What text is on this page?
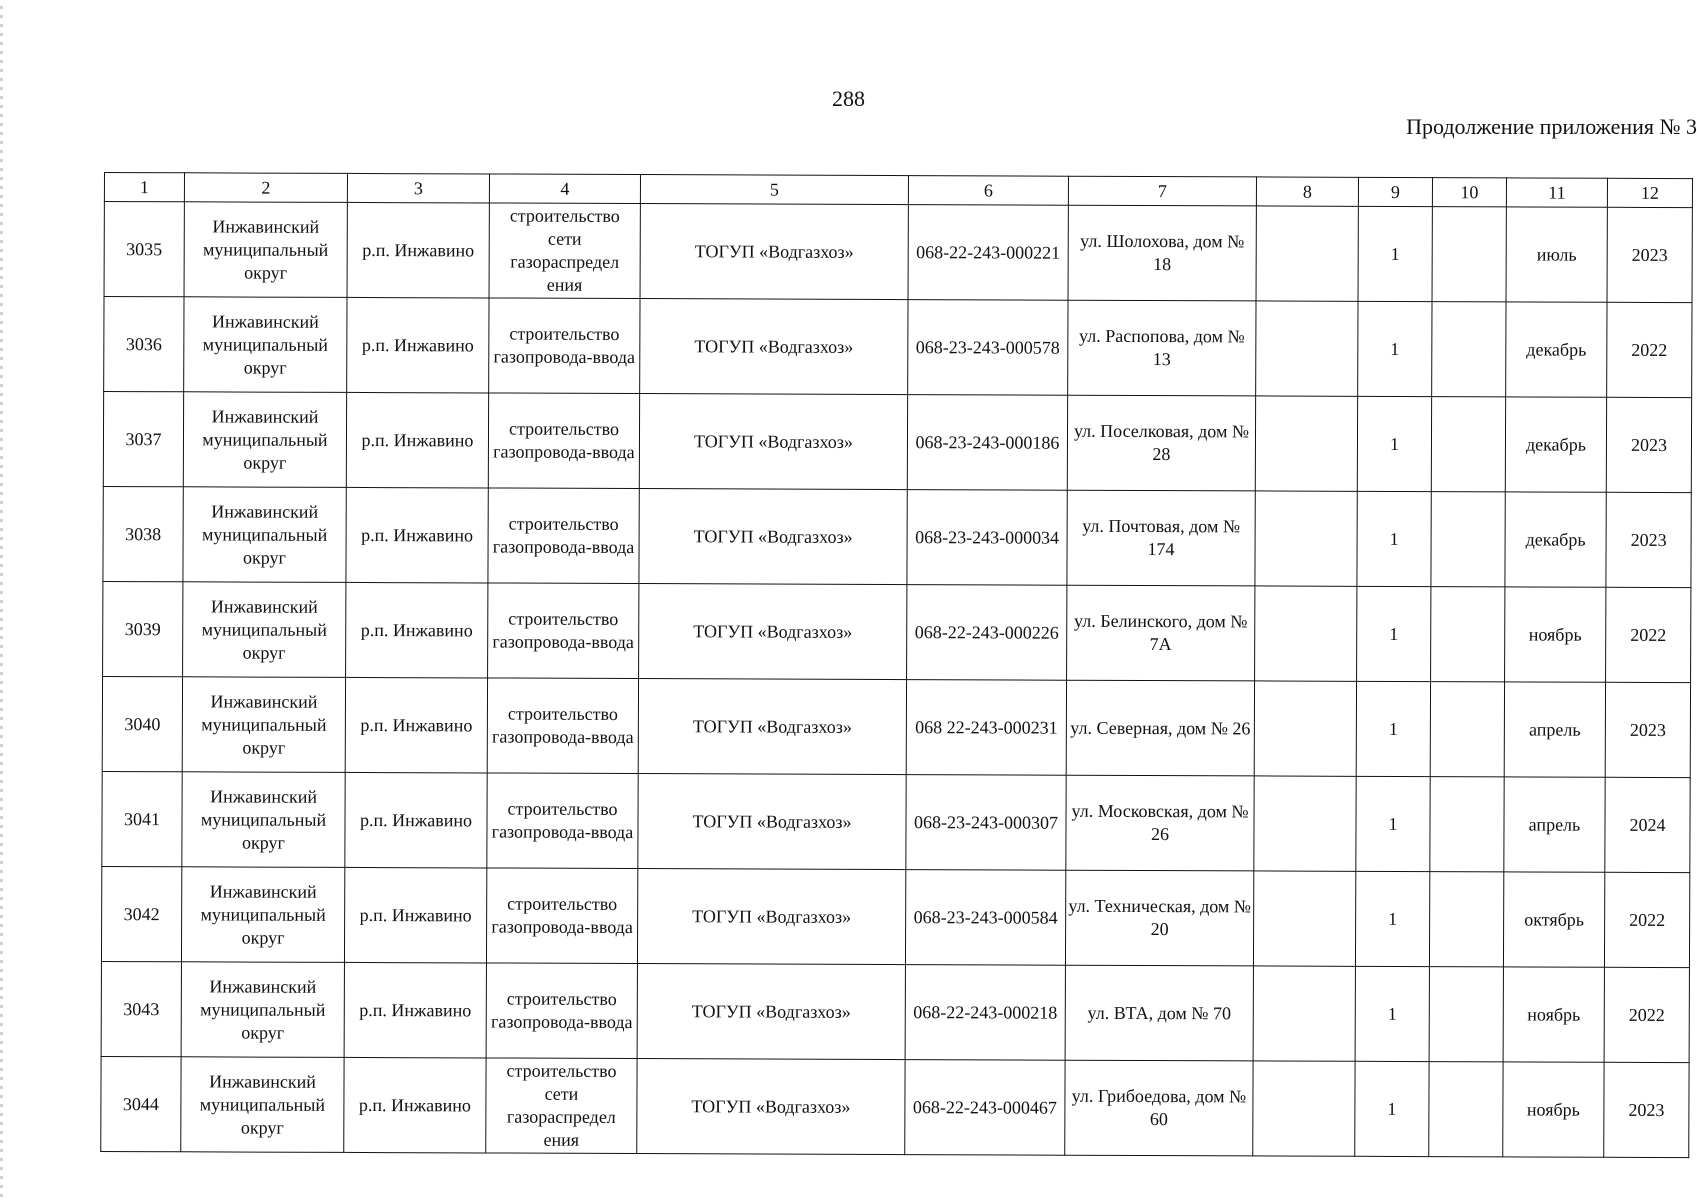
288
Продолжение приложения № 3
1	2	3	4	5	6	7	8	9	10	11	12
3035	Инжавинский муниципальный округ	р.п. Инжавино	строительство сети газораспредел ения	ТОГУП «Водгазхоз»	068-22-243-000221	ул. Шолохова, дом № 18		1		июль	2023
3036	Инжавинский муниципальный округ	р.п. Инжавино	строительство газопровода-ввода	ТОГУП «Водгазхоз»	068-23-243-000578	ул. Распопова, дом № 13		1		декабрь	2022
3037	Инжавинский муниципальный округ	р.п. Инжавино	строительство газопровода-ввода	ТОГУП «Водгазхоз»	068-23-243-000186	ул. Поселковая, дом № 28		1		декабрь	2023
3038	Инжавинский муниципальный округ	р.п. Инжавино	строительство газопровода-ввода	ТОГУП «Водгазхоз»	068-23-243-000034	ул. Почтовая, дом № 174		1		декабрь	2023
3039	Инжавинский муниципальный округ	р.п. Инжавино	строительство газопровода-ввода	ТОГУП «Водгазхоз»	068-22-243-000226	ул. Белинского, дом № 7А		1		ноябрь	2022
3040	Инжавинский муниципальный округ	р.п. Инжавино	строительство газопровода-ввода	ТОГУП «Водгазхоз»	068 22-243-000231	ул. Северная, дом № 26		1		апрель	2023
3041	Инжавинский муниципальный округ	р.п. Инжавино	строительство газопровода-ввода	ТОГУП «Водгазхоз»	068-23-243-000307	ул. Московская, дом № 26		1		апрель	2024
3042	Инжавинский муниципальный округ	р.п. Инжавино	строительство газопровода-ввода	ТОГУП «Водгазхоз»	068-23-243-000584	ул. Техническая, дом № 20		1		октябрь	2022
3043	Инжавинский муниципальный округ	р.п. Инжавино	строительство газопровода-ввода	ТОГУП «Водгазхоз»	068-22-243-000218	ул. ВТА, дом № 70		1		ноябрь	2022
3044	Инжавинский муниципальный округ	р.п. Инжавино	строительство сети газораспредел ения	ТОГУП «Водгазхоз»	068-22-243-000467	ул. Грибоедова, дом № 60		1		ноябрь	2023
